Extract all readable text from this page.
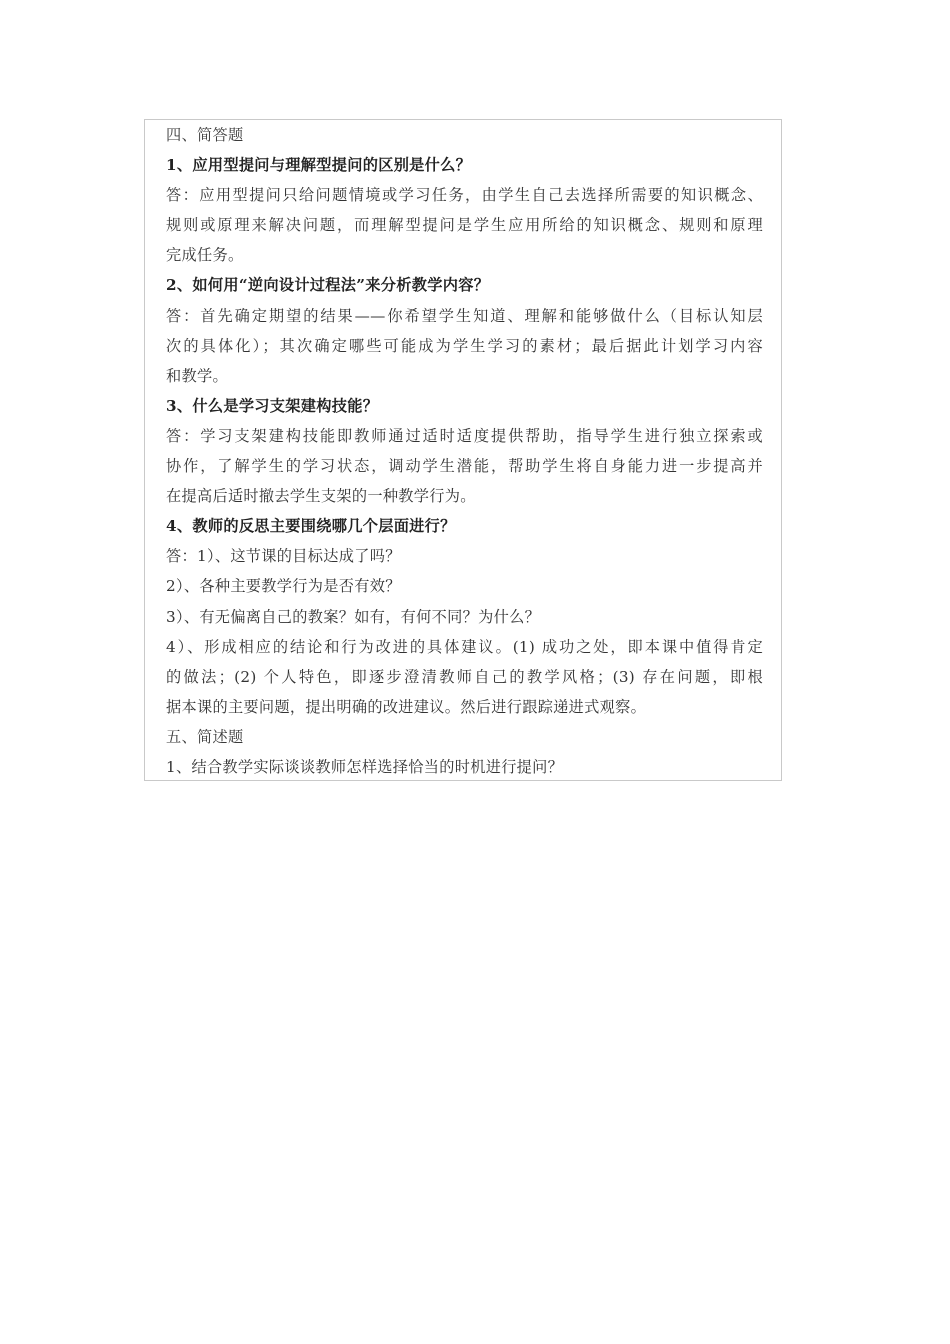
四、简答题
1、应用型提问与理解型提问的区别是什么？
答：应用型提问只给问题情境或学习任务，由学生自己去选择所需要的知识概念、
规则或原理来解决问题，而理解型提问是学生应用所给的知识概念、规则和原理
完成任务。
2、如何用“逆向设计过程法”来分析教学内容？
答：首先确定期望的结果——你希望学生知道、理解和能够做什么（目标认知层
次的具体化）；其次确定哪些可能成为学生学习的素材；最后据此计划学习内容
和教学。
3、什么是学习支架建构技能？
答：学习支架建构技能即教师通过适时适度提供帮助，指导学生进行独立探索或
协作，了解学生的学习状态，调动学生潜能，帮助学生将自身能力进一步提高并
在提高后适时撤去学生支架的一种教学行为。
4、教师的反思主要围绕哪几个层面进行？
答：1）、这节课的目标达成了吗？
2）、各种主要教学行为是否有效？
3）、有无偏离自己的教案？如有，有何不同？为什么？
4）、形成相应的结论和行为改进的具体建议。(1) 成功之处，即本课中值得肯定
的做法；(2) 个人特色，即逐步澄清教师自己的教学风格；(3) 存在问题，即根
据本课的主要问题，提出明确的改进建议。然后进行跟踪递进式观察。
五、简述题
1、结合教学实际谈谈教师怎样选择恰当的时机进行提问？
